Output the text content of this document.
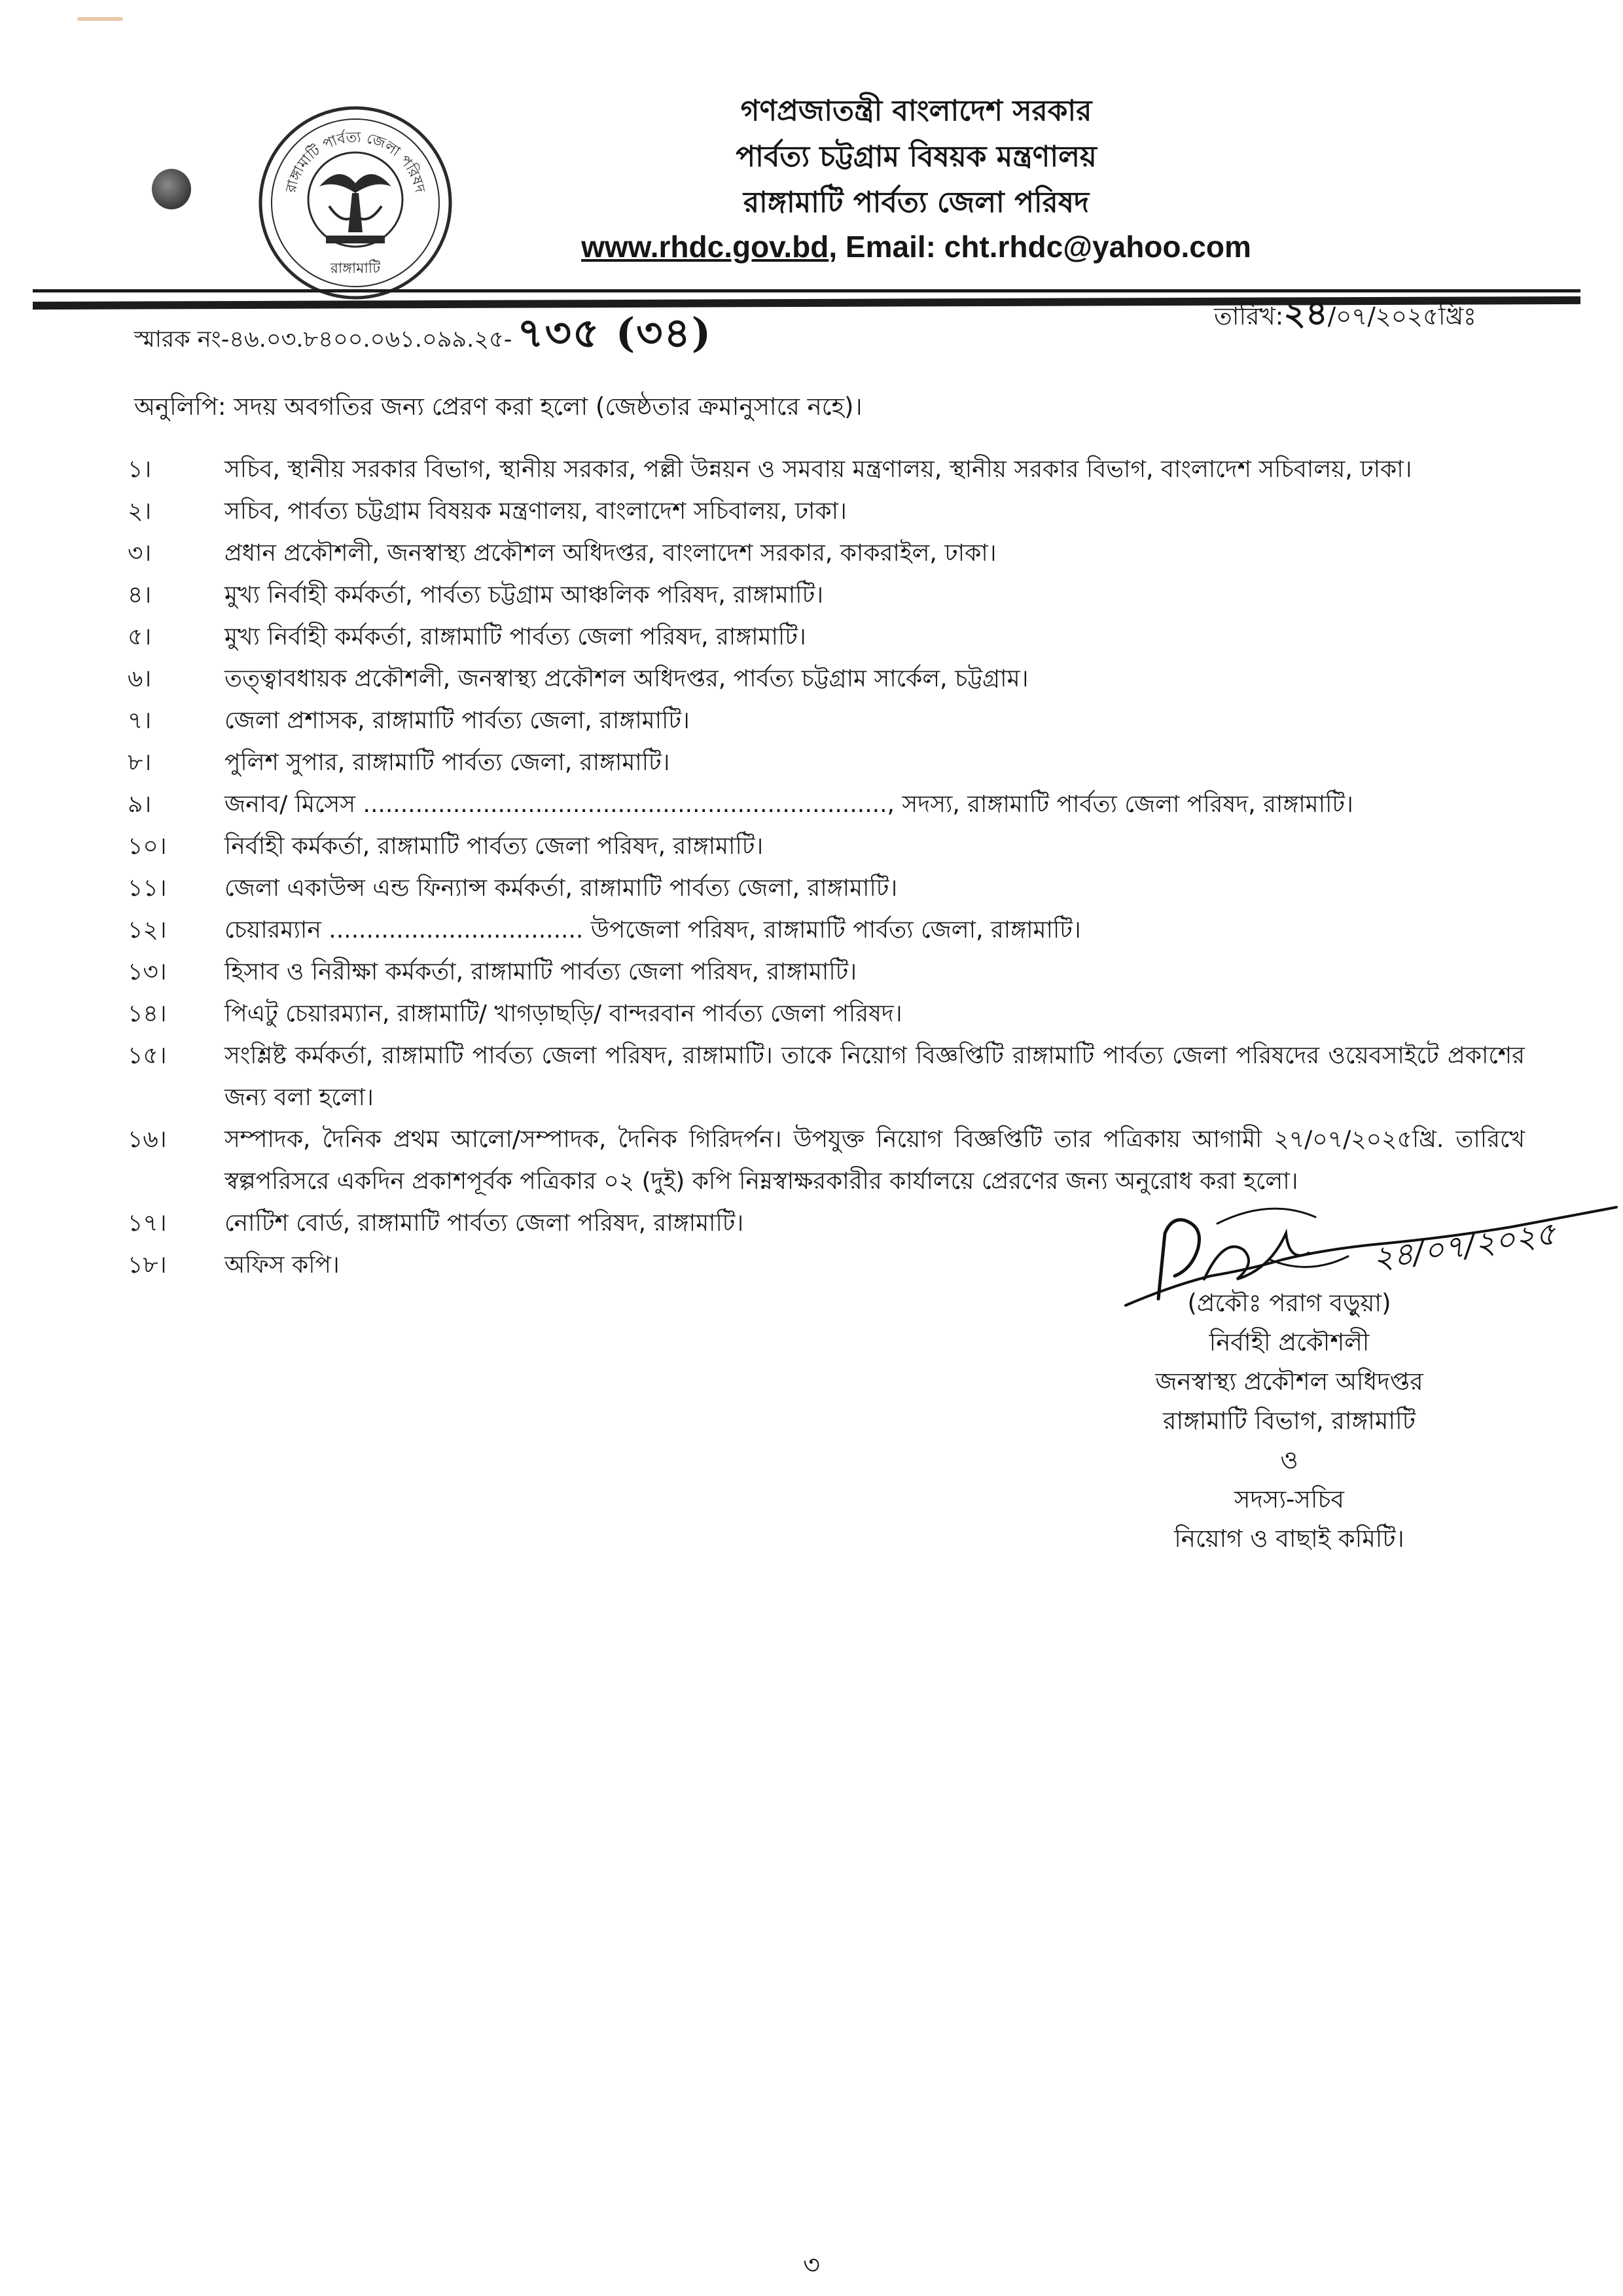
রাঙ্গামাটি পার্বত্য জেলা পরিষদ
রাঙ্গামাটি
গণপ্রজাতন্ত্রী বাংলাদেশ সরকার
পার্বত্য চট্টগ্রাম বিষয়ক মন্ত্রণালয়
রাঙ্গামাটি পার্বত্য জেলা পরিষদ
www.rhdc.gov.bd, Email: cht.rhdc@yahoo.com
স্মারক নং-৪৬.০৩.৮৪০০.০৬১.০৯৯.২৫- ৭৩৫ (৩৪)	তারিখ:২৪/০৭/২০২৫খ্রিঃ
অনুলিপি: সদয় অবগতির জন্য প্রেরণ করা হলো (জেষ্ঠতার ক্রমানুসারে নহে)।
১।	সচিব, স্থানীয় সরকার বিভাগ, স্থানীয় সরকার, পল্লী উন্নয়ন ও সমবায় মন্ত্রণালয়, স্থানীয় সরকার বিভাগ, বাংলাদেশ সচিবালয়, ঢাকা।
২।	সচিব, পার্বত্য চট্টগ্রাম বিষয়ক মন্ত্রণালয়, বাংলাদেশ সচিবালয়, ঢাকা।
৩।	প্রধান প্রকৌশলী, জনস্বাস্থ্য প্রকৌশল অধিদপ্তর, বাংলাদেশ সরকার, কাকরাইল, ঢাকা।
৪।	মুখ্য নির্বাহী কর্মকর্তা, পার্বত্য চট্টগ্রাম আঞ্চলিক পরিষদ, রাঙ্গামাটি।
৫।	মুখ্য নির্বাহী কর্মকর্তা, রাঙ্গামাটি পার্বত্য জেলা পরিষদ, রাঙ্গামাটি।
৬।	তত্ত্বাবধায়ক প্রকৌশলী, জনস্বাস্থ্য প্রকৌশল অধিদপ্তর, পার্বত্য চট্টগ্রাম সার্কেল, চট্টগ্রাম।
৭।	জেলা প্রশাসক, রাঙ্গামাটি পার্বত্য জেলা, রাঙ্গামাটি।
৮।	পুলিশ সুপার, রাঙ্গামাটি পার্বত্য জেলা, রাঙ্গামাটি।
৯।	জনাব/ মিসেস ......................................................................, সদস্য, রাঙ্গামাটি পার্বত্য জেলা পরিষদ, রাঙ্গামাটি।
১০।	নির্বাহী কর্মকর্তা, রাঙ্গামাটি পার্বত্য জেলা পরিষদ, রাঙ্গামাটি।
১১।	জেলা একাউন্স এন্ড ফিন্যান্স কর্মকর্তা, রাঙ্গামাটি পার্বত্য জেলা, রাঙ্গামাটি।
১২।	চেয়ারম্যান .................................. উপজেলা পরিষদ, রাঙ্গামাটি পার্বত্য জেলা, রাঙ্গামাটি।
১৩।	হিসাব ও নিরীক্ষা কর্মকর্তা, রাঙ্গামাটি পার্বত্য জেলা পরিষদ, রাঙ্গামাটি।
১৪।	পিএটু চেয়ারম্যান, রাঙ্গামাটি/ খাগড়াছড়ি/ বান্দরবান পার্বত্য জেলা পরিষদ।
১৫।	সংশ্লিষ্ট কর্মকর্তা, রাঙ্গামাটি পার্বত্য জেলা পরিষদ, রাঙ্গামাটি। তাকে নিয়োগ বিজ্ঞপ্তিটি রাঙ্গামাটি পার্বত্য জেলা পরিষদের ওয়েবসাইটে প্রকাশের জন্য বলা হলো।
১৬।	সম্পাদক, দৈনিক প্রথম আলো/সম্পাদক, দৈনিক গিরিদর্পন। উপযুক্ত নিয়োগ বিজ্ঞপ্তিটি তার পত্রিকায় আগামী ২৭/০৭/২০২৫খ্রি. তারিখে স্বল্পপরিসরে একদিন প্রকাশপূর্বক পত্রিকার ০২ (দুই) কপি নিম্নস্বাক্ষরকারীর কার্যালয়ে প্রেরণের জন্য অনুরোধ করা হলো।
১৭।	নোটিশ বোর্ড, রাঙ্গামাটি পার্বত্য জেলা পরিষদ, রাঙ্গামাটি।
১৮।	অফিস কপি।	২৪/০৭/২০২৫
(প্রকৌঃ পরাগ বড়ুয়া)
নির্বাহী প্রকৌশলী
জনস্বাস্থ্য প্রকৌশল অধিদপ্তর
রাঙ্গামাটি বিভাগ, রাঙ্গামাটি
ও
সদস্য-সচিব
নিয়োগ ও বাছাই কমিটি।
৩
